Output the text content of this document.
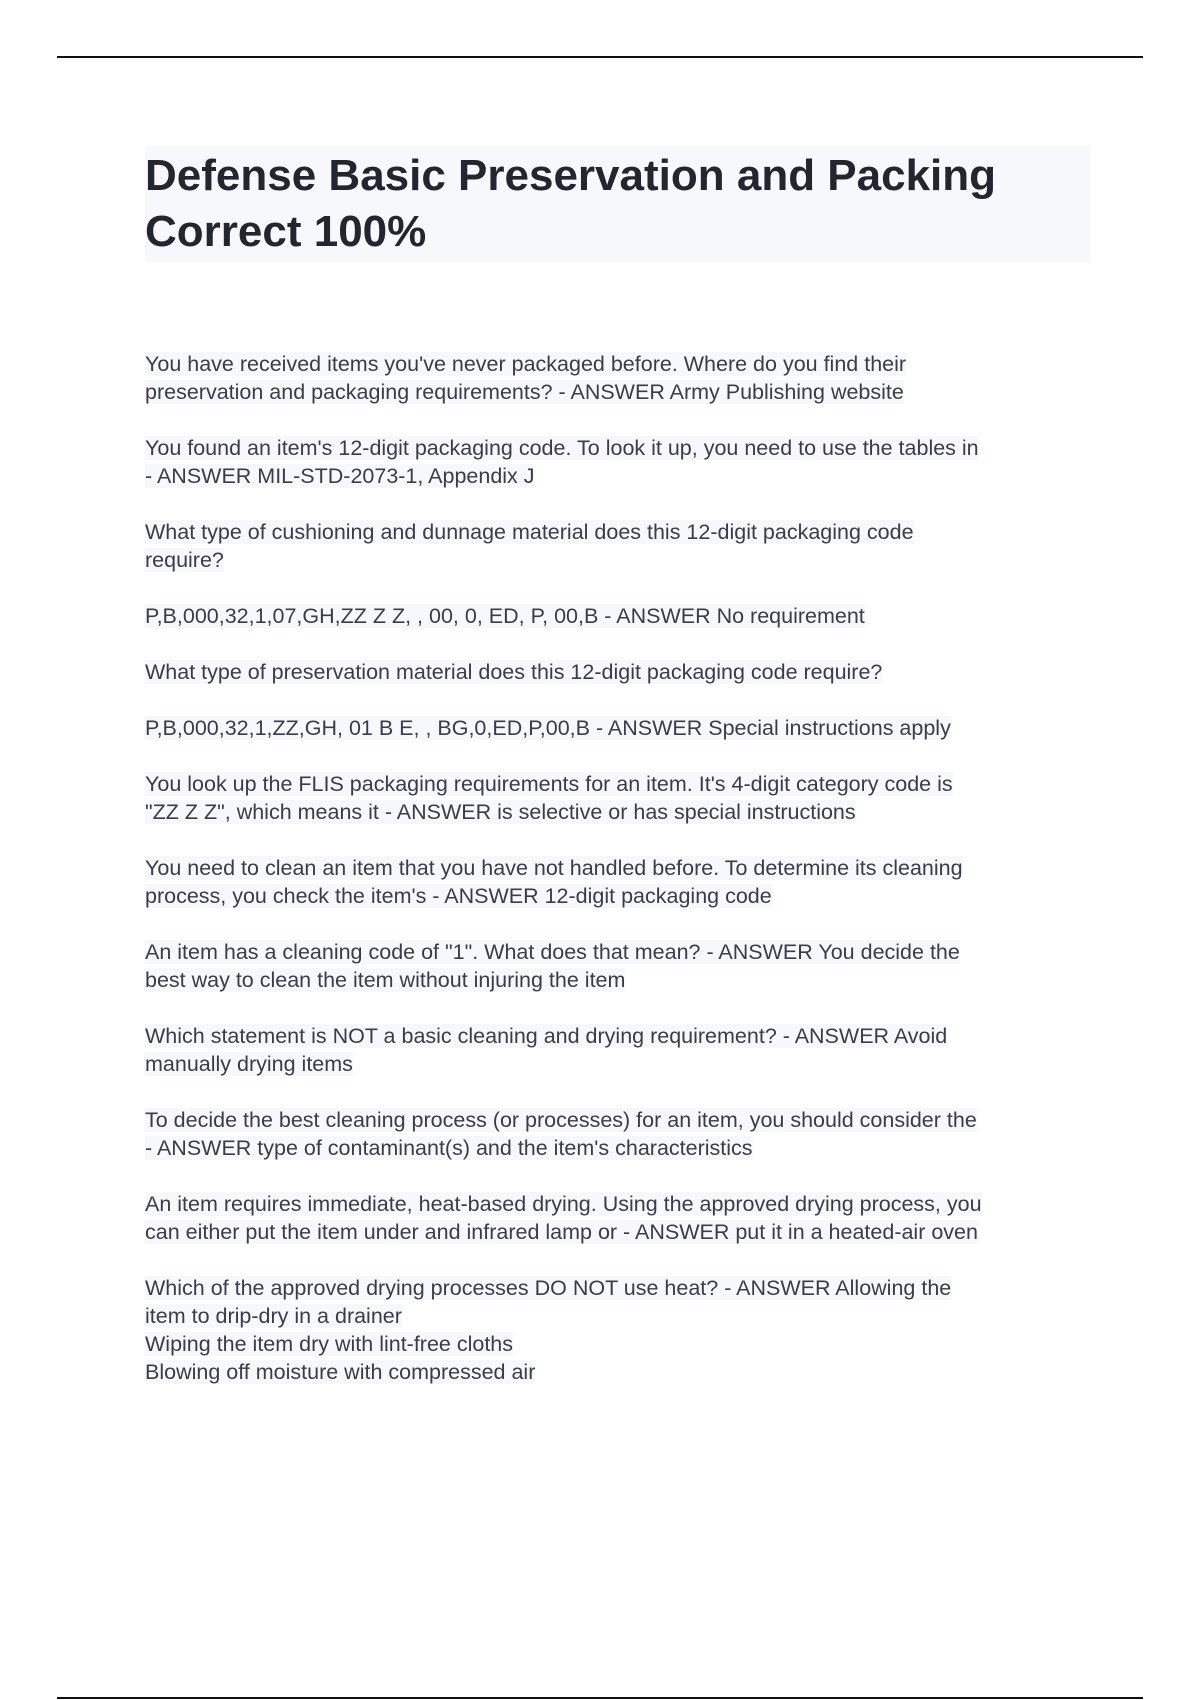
Defense Basic Preservation and Packing
Correct 100%
You have received items you've never packaged before. Where do you find their
preservation and packaging requirements? - ANSWER Army Publishing website
You found an item's 12-digit packaging code. To look it up, you need to use the tables in
- ANSWER MIL-STD-2073-1, Appendix J
What type of cushioning and dunnage material does this 12-digit packaging code
require?
P,B,000,32,1,07,GH,ZZ Z Z, , 00, 0, ED, P, 00,B - ANSWER No requirement
What type of preservation material does this 12-digit packaging code require?
P,B,000,32,1,ZZ,GH, 01 B E, , BG,0,ED,P,00,B - ANSWER Special instructions apply
You look up the FLIS packaging requirements for an item. It's 4-digit category code is
"ZZ Z Z", which means it - ANSWER is selective or has special instructions
You need to clean an item that you have not handled before. To determine its cleaning
process, you check the item's - ANSWER 12-digit packaging code
An item has a cleaning code of "1". What does that mean? - ANSWER You decide the
best way to clean the item without injuring the item
Which statement is NOT a basic cleaning and drying requirement? - ANSWER Avoid
manually drying items
To decide the best cleaning process (or processes) for an item, you should consider the
- ANSWER type of contaminant(s) and the item's characteristics
An item requires immediate, heat-based drying. Using the approved drying process, you
can either put the item under and infrared lamp or - ANSWER put it in a heated-air oven
Which of the approved drying processes DO NOT use heat? - ANSWER Allowing the
item to drip-dry in a drainer
Wiping the item dry with lint-free cloths
Blowing off moisture with compressed air
